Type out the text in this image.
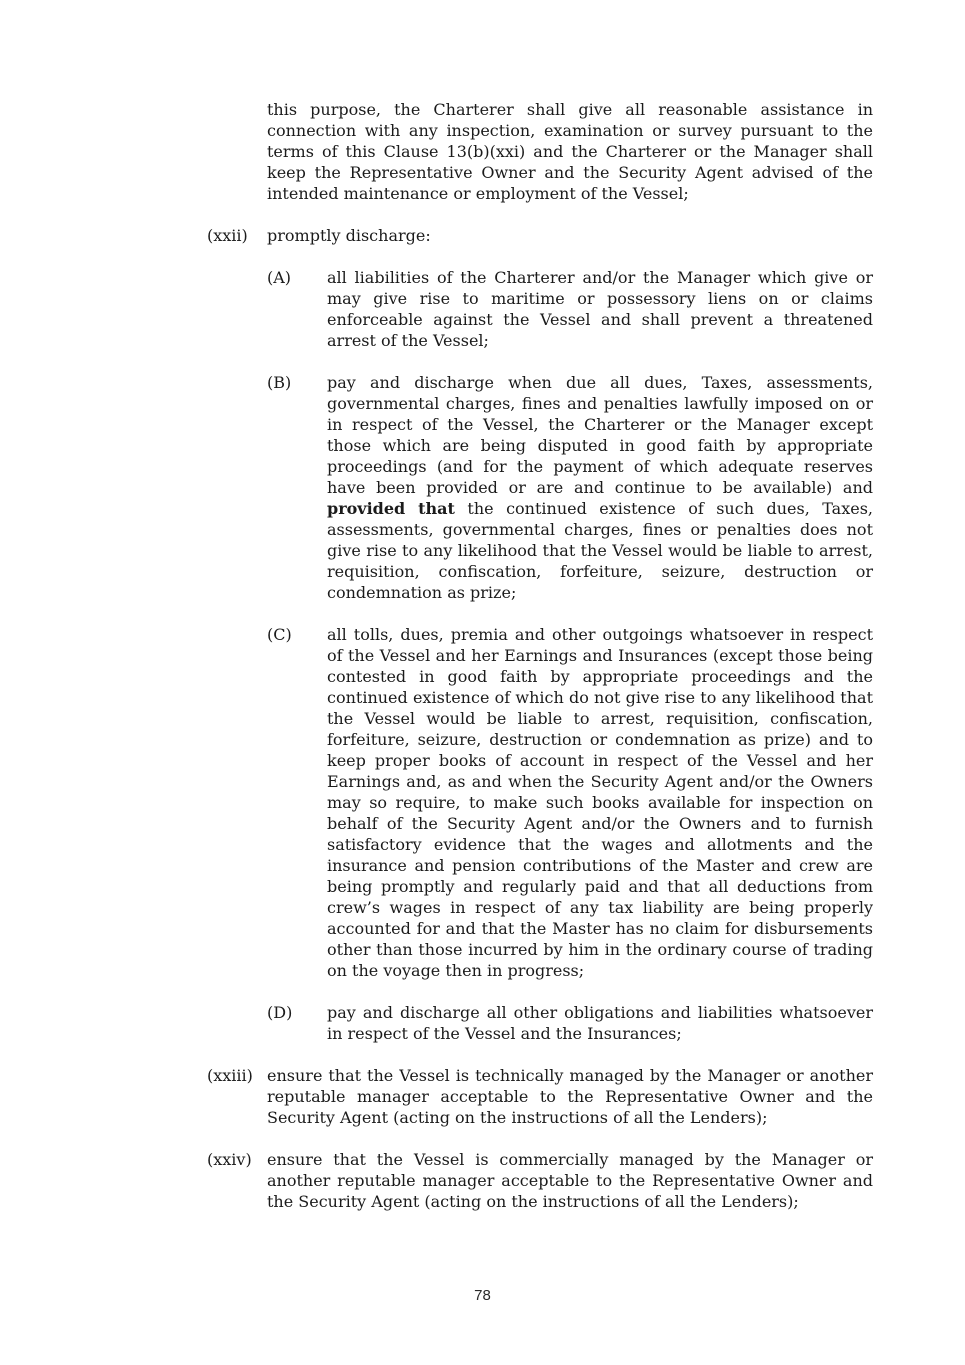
this purpose, the Charterer shall give all reasonable assistance in connection with any inspection, examination or survey pursuant to the terms of this Clause 13(b)(xxi) and the Charterer or the Manager shall keep the Representative Owner and the Security Agent advised of the intended maintenance or employment of the Vessel;

(xxii)	promptly discharge:

(A)	all liabilities of the Charterer and/or the Manager which give or may give rise to maritime or possessory liens on or claims enforceable against the Vessel and shall prevent a threatened arrest of the Vessel;

(B)	pay and discharge when due all dues, Taxes, assessments, governmental charges, fines and penalties lawfully imposed on or in respect of the Vessel, the Charterer or the Manager except those which are being disputed in good faith by appropriate proceedings (and for the payment of which adequate reserves have been provided or are and continue to be available) and provided that the continued existence of such dues, Taxes, assessments, governmental charges, fines or penalties does not give rise to any likelihood that the Vessel would be liable to arrest, requisition, confiscation, forfeiture, seizure, destruction or condemnation as prize;

(C)	all tolls, dues, premia and other outgoings whatsoever in respect of the Vessel and her Earnings and Insurances (except those being contested in good faith by appropriate proceedings and the continued existence of which do not give rise to any likelihood that the Vessel would be liable to arrest, requisition, confiscation, forfeiture, seizure, destruction or condemnation as prize) and to keep proper books of account in respect of the Vessel and her Earnings and, as and when the Security Agent and/or the Owners may so require, to make such books available for inspection on behalf of the Security Agent and/or the Owners and to furnish satisfactory evidence that the wages and allotments and the insurance and pension contributions of the Master and crew are being promptly and regularly paid and that all deductions from crew’s wages in respect of any tax liability are being properly accounted for and that the Master has no claim for disbursements other than those incurred by him in the ordinary course of trading on the voyage then in progress;

(D)	pay and discharge all other obligations and liabilities whatsoever in respect of the Vessel and the Insurances;

(xxiii) ensure that the Vessel is technically managed by the Manager or another reputable manager acceptable to the Representative Owner and the Security Agent (acting on the instructions of all the Lenders);

(xxiv) ensure that the Vessel is commercially managed by the Manager or another reputable manager acceptable to the Representative Owner and the Security Agent (acting on the instructions of all the Lenders);

78
